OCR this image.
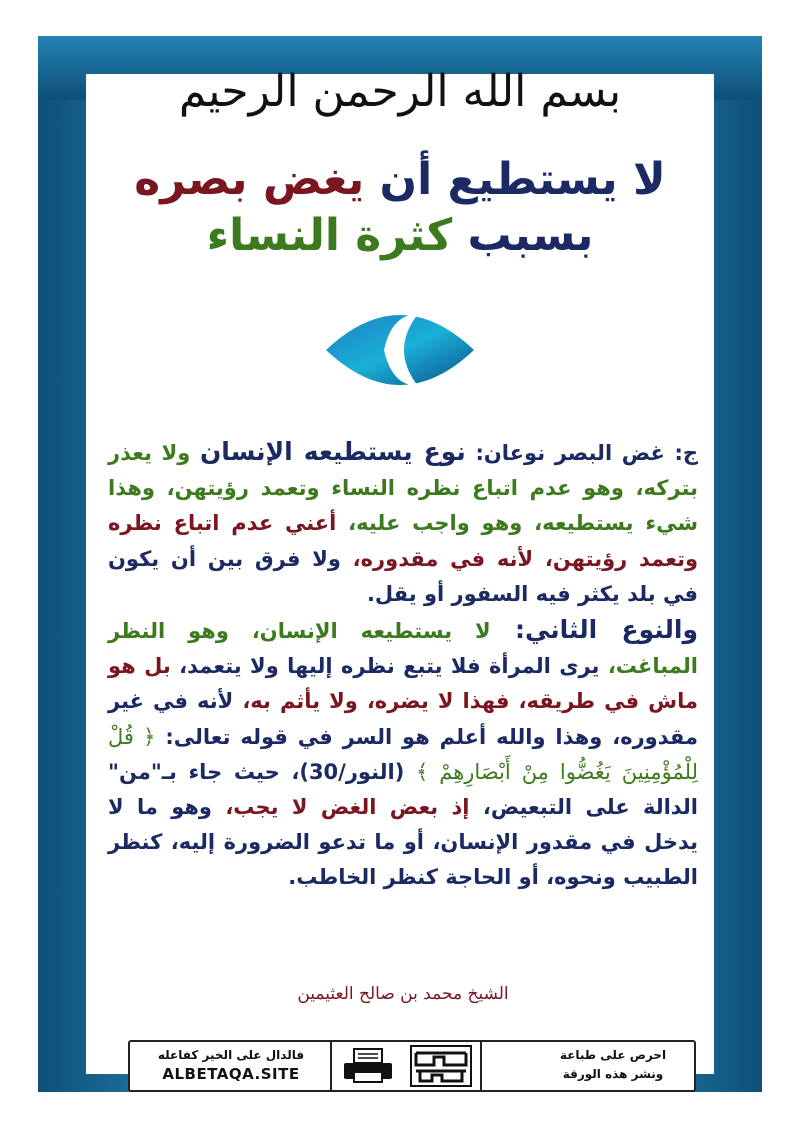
بسم الله الرحمن الرحيم
لا يستطيع أن يغض بصره
بسبب كثرة النساء

ج: غض البصر نوعان: نوع يستطيعه الإنسان ولا يعذر بتركه، وهو عدم اتباع نظره النساء وتعمد رؤيتهن، وهذا شيء يستطيعه، وهو واجب عليه، أعني عدم اتباع نظره وتعمد رؤيتهن، لأنه في مقدوره، ولا فرق بين أن يكون في بلد يكثر فيه السفور أو يقل.

والنوع الثاني: لا يستطيعه الإنسان، وهو النظر المباغت، يرى المرأة فلا يتبع نظره إليها ولا يتعمد، بل هو ماش في طريقه، فهذا لا يضره، ولا يأثم به، لأنه في غير مقدوره، وهذا والله أعلم هو السر في قوله تعالى: ﴿ قُلْ لِلْمُؤْمِنِينَ يَغُضُّوا مِنْ أَبْصَارِهِمْ ﴾ (النور/30)، حيث جاء بـ"من" الدالة على التبعيض، إذ بعض الغض لا يجب، وهو ما لا يدخل في مقدور الإنسان، أو ما تدعو الضرورة إليه، كنظر الطبيب ونحوه، أو الحاجة كنظر الخاطب.

الشيخ محمد بن صالح العثيمين
فالدال على الخير كفاعله
ALBETAQA.SITE
احرص على طباعة
ونشر هذه الورقة
